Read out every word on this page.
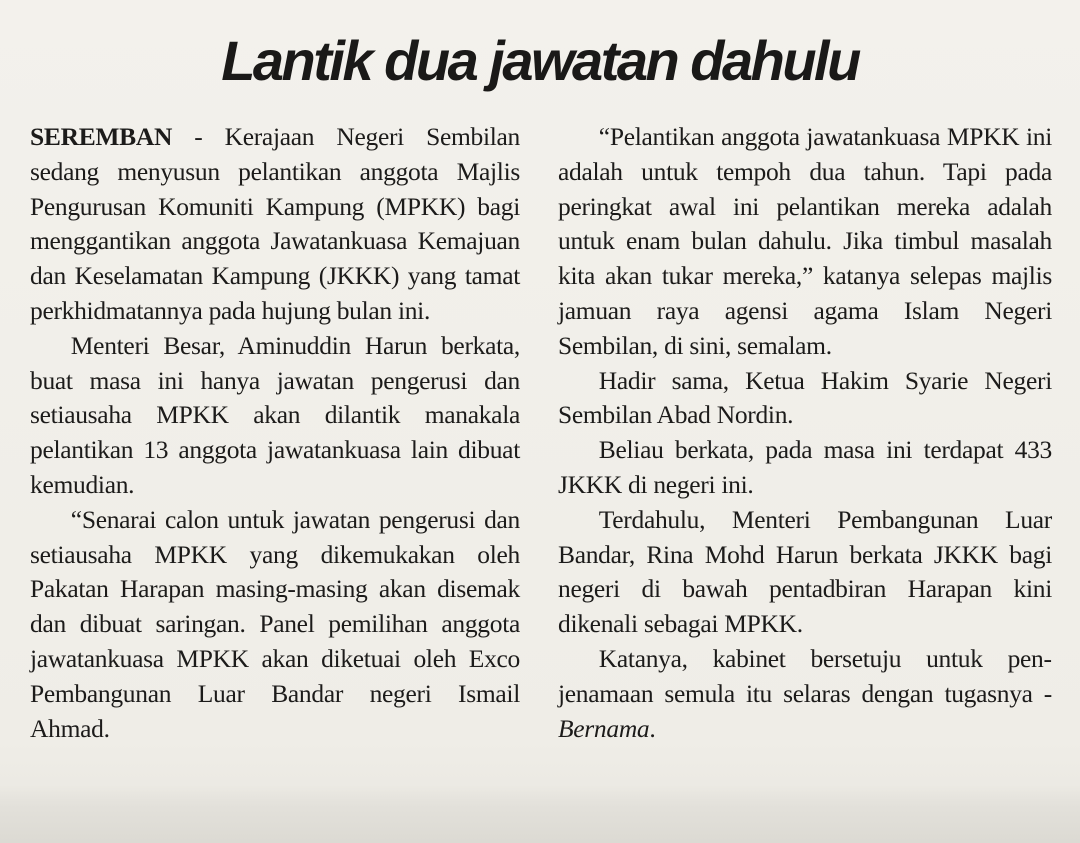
Lantik dua jawatan dahulu

SEREMBAN - Kerajaan Negeri Sembilan sedang menyusun pelantikan anggota Majlis Pengurusan Komuniti Kampung (MPKK) bagi menggantikan anggota Jawatankuasa Kemajuan dan Keselamatan Kampung (JKKK) yang tamat perkhidmatannya pada hujung bulan ini.

Menteri Besar, Aminuddin Harun berkata, buat masa ini hanya jawatan pengerusi dan setiausaha MPKK akan dilantik manakala pelantikan 13 anggota jawatankuasa lain dibuat kemudian.

“Senarai calon untuk jawatan pengerusi dan setiausaha MPKK yang dikemukakan oleh Pakatan Harapan masing-masing akan disemak dan dibuat saringan. Panel pemilihan anggota jawatankuasa MPKK akan diketuai oleh Exco Pembangunan Luar Bandar negeri Ismail Ahmad.

“Pelantikan anggota jawatankuasa MPKK ini adalah untuk tempoh dua tahun. Tapi pada peringkat awal ini pelantikan mereka adalah untuk enam bulan dahulu. Jika timbul masalah kita akan tukar mereka,” katanya selepas majlis jamuan raya agensi agama Islam Negeri Sembilan, di sini, semalam.

Hadir sama, Ketua Hakim Syarie Negeri Sembilan Abad Nordin.

Beliau berkata, pada masa ini terdapat 433 JKKK di negeri ini.

Terdahulu, Menteri Pembangunan Luar Bandar, Rina Mohd Harun berkata JKKK bagi negeri di bawah pentadbiran Harapan kini dikenali sebagai MPKK.

Katanya, kabinet bersetuju untuk penjenamaan semula itu selaras dengan tugasnya - Bernama.
